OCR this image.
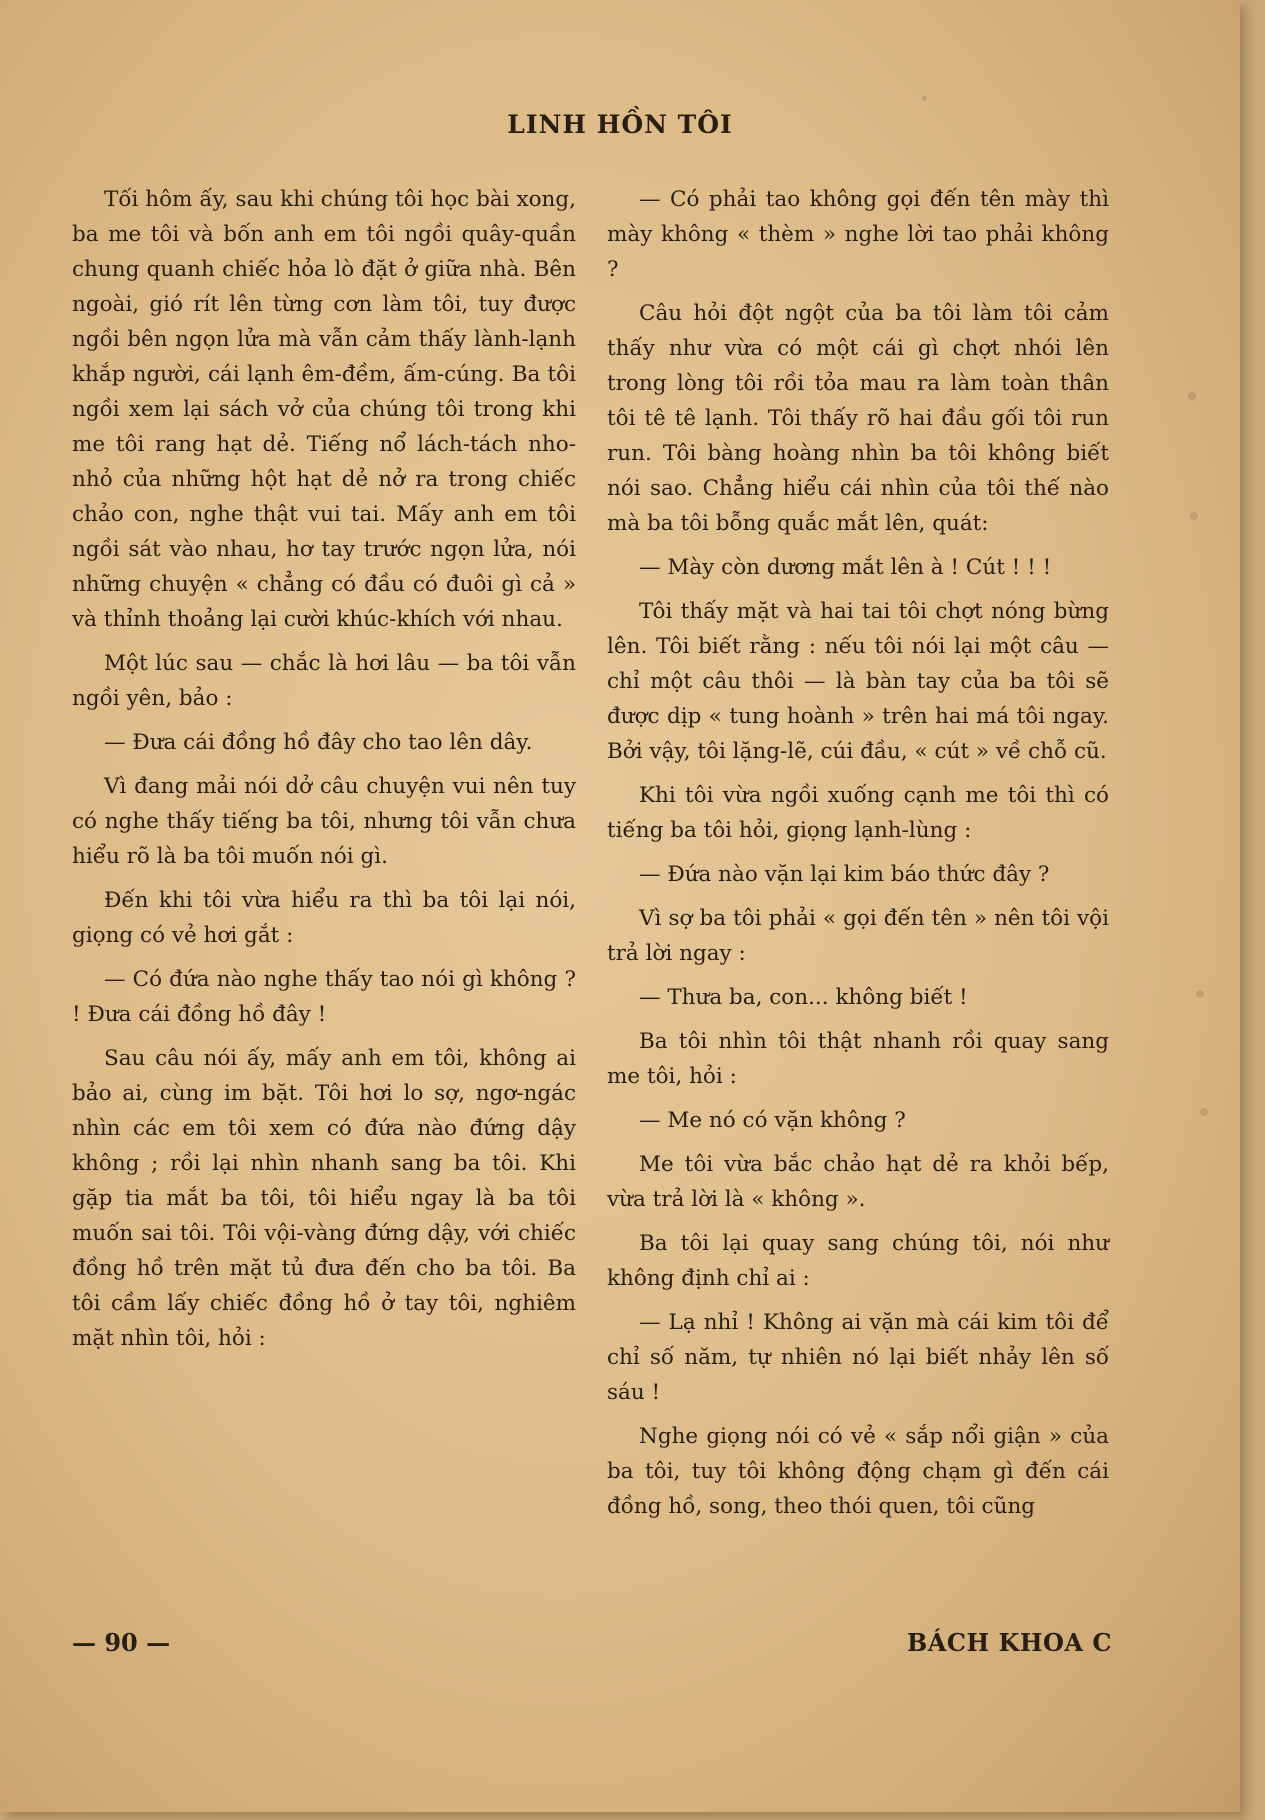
LINH HỒN TÔI

Tối hôm ấy, sau khi chúng tôi học bài xong, ba me tôi và bốn anh em tôi ngồi quây-quần chung quanh chiếc hỏa lò đặt ở giữa nhà. Bên ngoài, gió rít lên từng cơn làm tôi, tuy được ngồi bên ngọn lửa mà vẫn cảm thấy lành-lạnh khắp người, cái lạnh êm-đềm, ấm-cúng. Ba tôi ngồi xem lại sách vở của chúng tôi trong khi me tôi rang hạt dẻ. Tiếng nổ lách-tách nho-nhỏ của những hột hạt dẻ nở ra trong chiếc chảo con, nghe thật vui tai. Mấy anh em tôi ngồi sát vào nhau, hơ tay trước ngọn lửa, nói những chuyện « chẳng có đầu có đuôi gì cả » và thỉnh thoảng lại cười khúc-khích với nhau.

Một lúc sau — chắc là hơi lâu — ba tôi vẫn ngồi yên, bảo :

— Đưa cái đồng hồ đây cho tao lên dây.

Vì đang mải nói dở câu chuyện vui nên tuy có nghe thấy tiếng ba tôi, nhưng tôi vẫn chưa hiểu rõ là ba tôi muốn nói gì.

Đến khi tôi vừa hiểu ra thì ba tôi lại nói, giọng có vẻ hơi gắt :

— Có đứa nào nghe thấy tao nói gì không ? ! Đưa cái đồng hồ đây !

Sau câu nói ấy, mấy anh em tôi, không ai bảo ai, cùng im bặt. Tôi hơi lo sợ, ngơ-ngác nhìn các em tôi xem có đứa nào đứng dậy không ; rồi lại nhìn nhanh sang ba tôi. Khi gặp tia mắt ba tôi, tôi hiểu ngay là ba tôi muốn sai tôi. Tôi vội-vàng đứng dậy, với chiếc đồng hồ trên mặt tủ đưa đến cho ba tôi. Ba tôi cầm lấy chiếc đồng hồ ở tay tôi, nghiêm mặt nhìn tôi, hỏi :

— Có phải tao không gọi đến tên mày thì mày không « thèm » nghe lời tao phải không ?

Câu hỏi đột ngột của ba tôi làm tôi cảm thấy như vừa có một cái gì chợt nhói lên trong lòng tôi rồi tỏa mau ra làm toàn thân tôi tê tê lạnh. Tôi thấy rõ hai đầu gối tôi run run. Tôi bàng hoàng nhìn ba tôi không biết nói sao. Chẳng hiểu cái nhìn của tôi thế nào mà ba tôi bỗng quắc mắt lên, quát:

— Mày còn dương mắt lên à ! Cút ! ! !

Tôi thấy mặt và hai tai tôi chợt nóng bừng lên. Tôi biết rằng : nếu tôi nói lại một câu — chỉ một câu thôi — là bàn tay của ba tôi sẽ được dịp « tung hoành » trên hai má tôi ngay. Bởi vậy, tôi lặng-lẽ, cúi đầu, « cút » về chỗ cũ.

Khi tôi vừa ngồi xuống cạnh me tôi thì có tiếng ba tôi hỏi, giọng lạnh-lùng :

— Đứa nào vặn lại kim báo thức đây ?

Vì sợ ba tôi phải « gọi đến tên » nên tôi vội trả lời ngay :

— Thưa ba, con... không biết !

Ba tôi nhìn tôi thật nhanh rồi quay sang me tôi, hỏi :

— Me nó có vặn không ?

Me tôi vừa bắc chảo hạt dẻ ra khỏi bếp, vừa trả lời là « không ».

Ba tôi lại quay sang chúng tôi, nói như không định chỉ ai :

— Lạ nhỉ ! Không ai vặn mà cái kim tôi để chỉ số năm, tự nhiên nó lại biết nhảy lên số sáu !

Nghe giọng nói có vẻ « sắp nổi giận » của ba tôi, tuy tôi không động chạm gì đến cái đồng hồ, song, theo thói quen, tôi cũng

— 90 —	BÁCH KHOA C
